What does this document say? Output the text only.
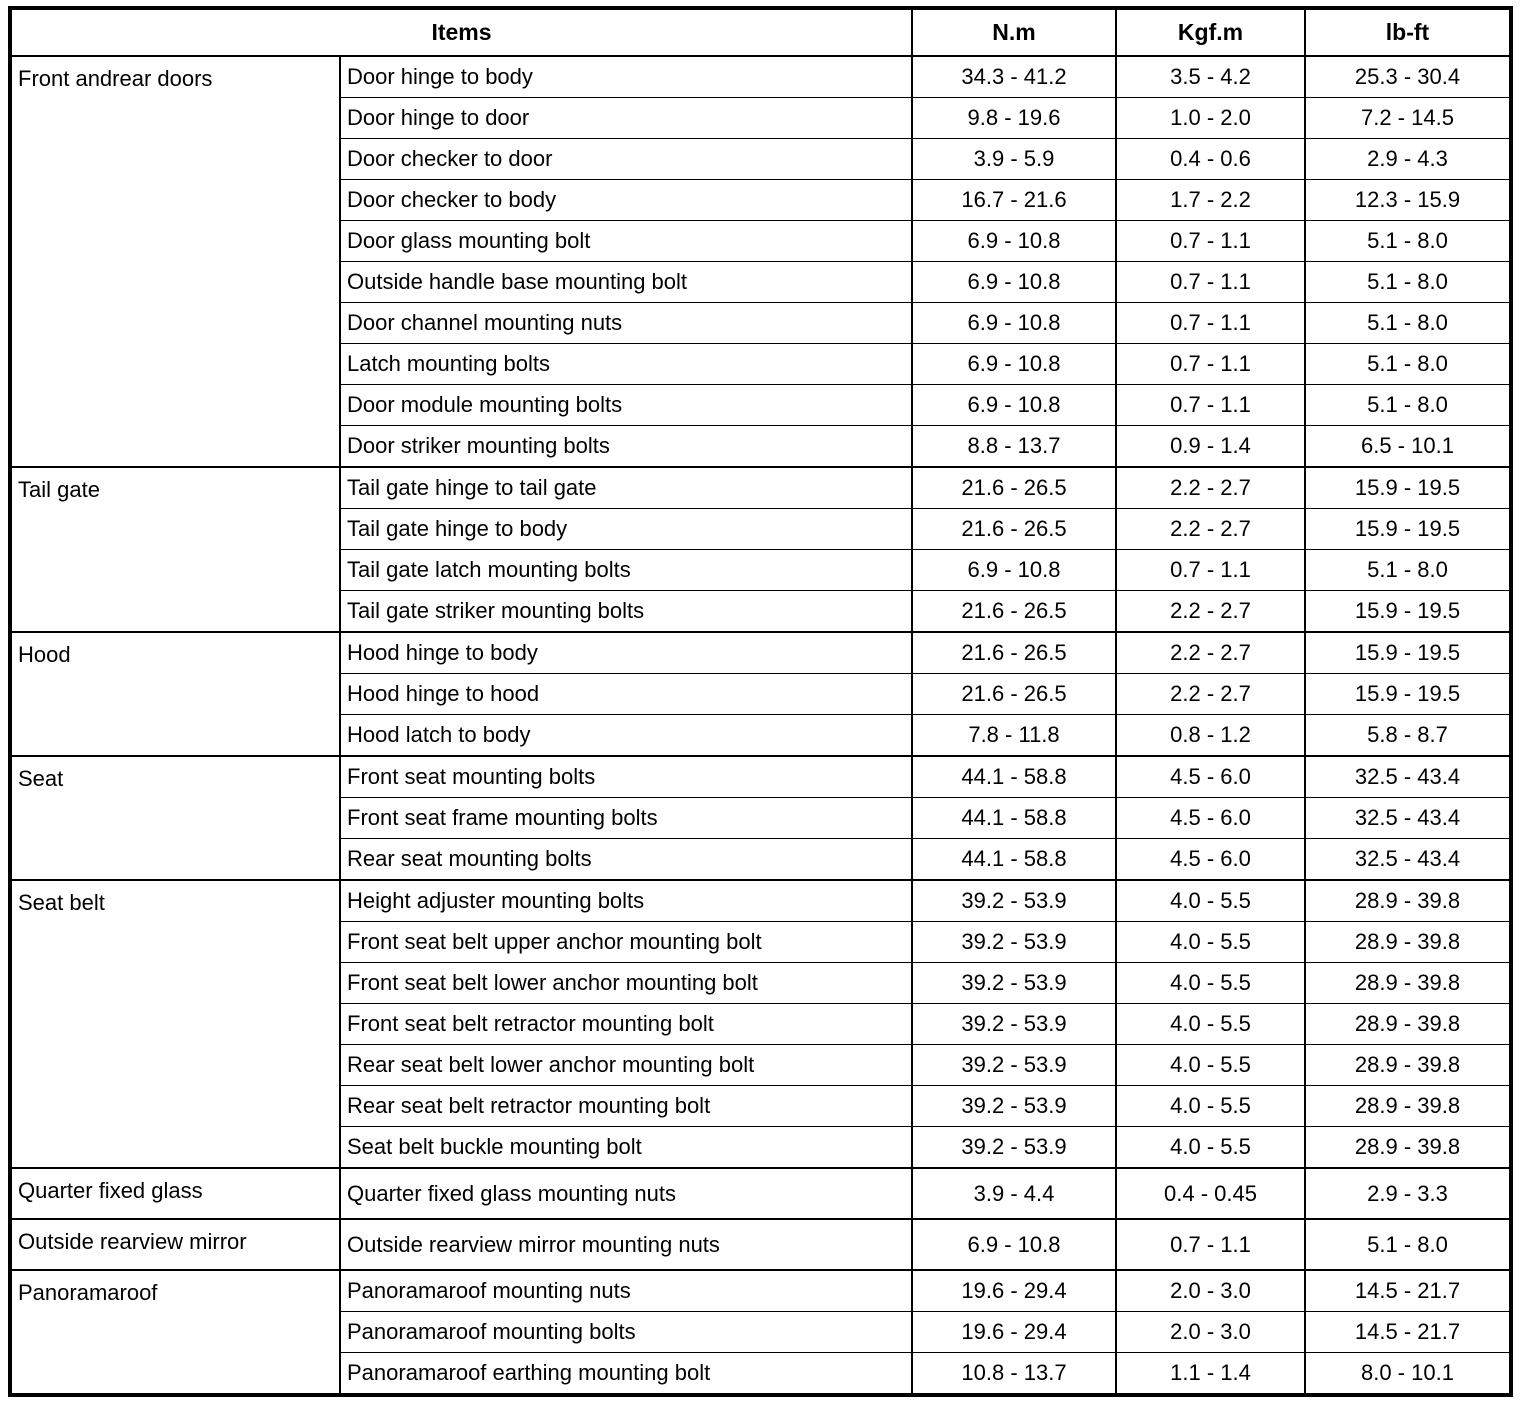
Items		N.m	Kgf.m	lb-ft
Front andrear doors	Door hinge to body	34.3 - 41.2	3.5 - 4.2	25.3 - 30.4
	Door hinge to door	9.8 - 19.6	1.0 - 2.0	7.2 - 14.5
	Door checker to door	3.9 - 5.9	0.4 - 0.6	2.9 - 4.3
	Door checker to body	16.7 - 21.6	1.7 - 2.2	12.3 - 15.9
	Door glass mounting bolt	6.9 - 10.8	0.7 - 1.1	5.1 - 8.0
	Outside handle base mounting bolt	6.9 - 10.8	0.7 - 1.1	5.1 - 8.0
	Door channel mounting nuts	6.9 - 10.8	0.7 - 1.1	5.1 - 8.0
	Latch mounting bolts	6.9 - 10.8	0.7 - 1.1	5.1 - 8.0
	Door module mounting bolts	6.9 - 10.8	0.7 - 1.1	5.1 - 8.0
	Door striker mounting bolts	8.8 - 13.7	0.9 - 1.4	6.5 - 10.1
Tail gate	Tail gate hinge to tail gate	21.6 - 26.5	2.2 - 2.7	15.9 - 19.5
	Tail gate hinge to body	21.6 - 26.5	2.2 - 2.7	15.9 - 19.5
	Tail gate latch mounting bolts	6.9 - 10.8	0.7 - 1.1	5.1 - 8.0
	Tail gate striker mounting bolts	21.6 - 26.5	2.2 - 2.7	15.9 - 19.5
Hood	Hood hinge to body	21.6 - 26.5	2.2 - 2.7	15.9 - 19.5
	Hood hinge to hood	21.6 - 26.5	2.2 - 2.7	15.9 - 19.5
	Hood latch to body	7.8 - 11.8	0.8 - 1.2	5.8 - 8.7
Seat	Front seat mounting bolts	44.1 - 58.8	4.5 - 6.0	32.5 - 43.4
	Front seat frame mounting bolts	44.1 - 58.8	4.5 - 6.0	32.5 - 43.4
	Rear seat mounting bolts	44.1 - 58.8	4.5 - 6.0	32.5 - 43.4
Seat belt	Height adjuster mounting bolts	39.2 - 53.9	4.0 - 5.5	28.9 - 39.8
	Front seat belt upper anchor mounting bolt	39.2 - 53.9	4.0 - 5.5	28.9 - 39.8
	Front seat belt lower anchor mounting bolt	39.2 - 53.9	4.0 - 5.5	28.9 - 39.8
	Front seat belt retractor mounting bolt	39.2 - 53.9	4.0 - 5.5	28.9 - 39.8
	Rear seat belt lower anchor mounting bolt	39.2 - 53.9	4.0 - 5.5	28.9 - 39.8
	Rear seat belt retractor mounting bolt	39.2 - 53.9	4.0 - 5.5	28.9 - 39.8
	Seat belt buckle mounting bolt	39.2 - 53.9	4.0 - 5.5	28.9 - 39.8
Quarter fixed glass	Quarter fixed glass mounting nuts	3.9 - 4.4	0.4 - 0.45	2.9 - 3.3
Outside rearview mirror	Outside rearview mirror mounting nuts	6.9 - 10.8	0.7 - 1.1	5.1 - 8.0
Panoramaroof	Panoramaroof mounting nuts	19.6 - 29.4	2.0 - 3.0	14.5 - 21.7
	Panoramaroof mounting bolts	19.6 - 29.4	2.0 - 3.0	14.5 - 21.7
	Panoramaroof earthing mounting bolt	10.8 - 13.7	1.1 - 1.4	8.0 - 10.1
